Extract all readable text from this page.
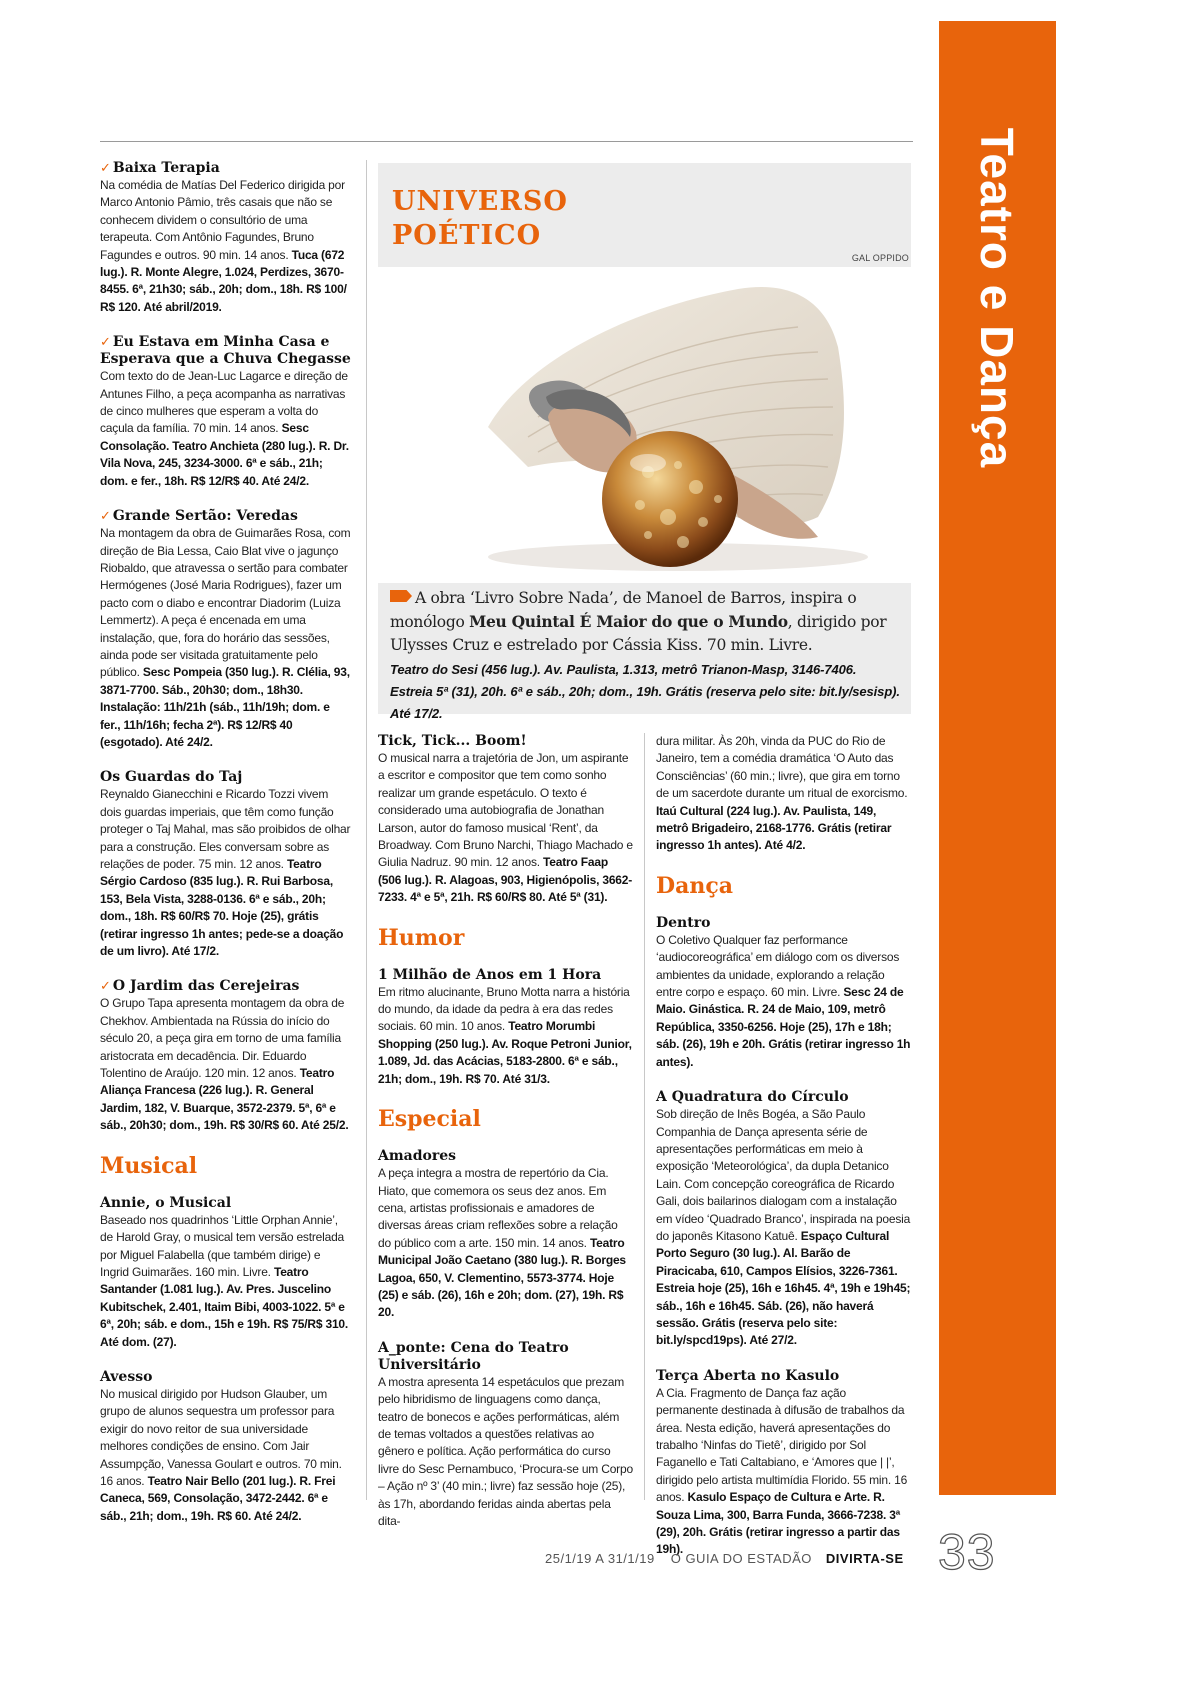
Teatro e Dança
✓ Baixa Terapia
Na comédia de Matías Del Federico dirigida por Marco Antonio Pâmio, três casais que não se conhecem dividem o consultório de uma terapeuta. Com Antônio Fagundes, Bruno Fagundes e outros. 90 min. 14 anos. Tuca (672 lug.). R. Monte Alegre, 1.024, Perdizes, 3670-8455. 6ª, 21h30; sáb., 20h; dom., 18h. R$ 100/ R$ 120. Até abril/2019.
✓ Eu Estava em Minha Casa e Esperava que a Chuva Chegasse
Com texto do de Jean-Luc Lagarce e direção de Antunes Filho, a peça acompanha as narrativas de cinco mulheres que esperam a volta do caçula da família. 70 min. 14 anos. Sesc Consolação. Teatro Anchieta (280 lug.). R. Dr. Vila Nova, 245, 3234-3000. 6ª e sáb., 21h; dom. e fer., 18h. R$ 12/R$ 40. Até 24/2.
✓ Grande Sertão: Veredas
Na montagem da obra de Guimarães Rosa, com direção de Bia Lessa, Caio Blat vive o jagunço Riobaldo, que atravessa o sertão para combater Hermógenes (José Maria Rodrigues), fazer um pacto com o diabo e encontrar Diadorim (Luiza Lemmertz). A peça é encenada em uma instalação, que, fora do horário das sessões, ainda pode ser visitada gratuitamente pelo público. Sesc Pompeia (350 lug.). R. Clélia, 93, 3871-7700. Sáb., 20h30; dom., 18h30. Instalação: 11h/21h (sáb., 11h/19h; dom. e fer., 11h/16h; fecha 2ª). R$ 12/R$ 40 (esgotado). Até 24/2.
Os Guardas do Taj
Reynaldo Gianecchini e Ricardo Tozzi vivem dois guardas imperiais, que têm como função proteger o Taj Mahal, mas são proibidos de olhar para a construção. Eles conversam sobre as relações de poder. 75 min. 12 anos. Teatro Sérgio Cardoso (835 lug.). R. Rui Barbosa, 153, Bela Vista, 3288-0136. 6ª e sáb., 20h; dom., 18h. R$ 60/R$ 70. Hoje (25), grátis (retirar ingresso 1h antes; pede-se a doação de um livro). Até 17/2.
✓ O Jardim das Cerejeiras
O Grupo Tapa apresenta montagem da obra de Chekhov. Ambientada na Rússia do início do século 20, a peça gira em torno de uma família aristocrata em decadência. Dir. Eduardo Tolentino de Araújo. 120 min. 12 anos. Teatro Aliança Francesa (226 lug.). R. General Jardim, 182, V. Buarque, 3572-2379. 5ª, 6ª e sáb., 20h30; dom., 19h. R$ 30/R$ 60. Até 25/2.
Musical
Annie, o Musical
Baseado nos quadrinhos ‘Little Orphan Annie’, de Harold Gray, o musical tem versão estrelada por Miguel Falabella (que também dirige) e Ingrid Guimarães. 160 min. Livre. Teatro Santander (1.081 lug.). Av. Pres. Juscelino Kubitschek, 2.401, Itaim Bibi, 4003-1022. 5ª e 6ª, 20h; sáb. e dom., 15h e 19h. R$ 75/R$ 310. Até dom. (27).
Avesso
No musical dirigido por Hudson Glauber, um grupo de alunos sequestra um professor para exigir do novo reitor de sua universidade melhores condições de ensino. Com Jair Assumpção, Vanessa Goulart e outros. 70 min. 16 anos. Teatro Nair Bello (201 lug.). R. Frei Caneca, 569, Consolação, 3472-2442. 6ª e sáb., 21h; dom., 19h. R$ 60. Até 24/2.
UNIVERSO
POÉTICO
GAL OPPIDO
A obra ‘Livro Sobre Nada’, de Manoel de Barros, inspira o monólogo Meu Quintal É Maior do que o Mundo, dirigido por Ulysses Cruz e estrelado por Cássia Kiss. 70 min. Livre.
Teatro do Sesi (456 lug.). Av. Paulista, 1.313, metrô Trianon-Masp, 3146-7406. Estreia 5ª (31), 20h. 6ª e sáb., 20h; dom., 19h. Grátis (reserva pelo site: bit.ly/sesisp). Até 17/2.
Tick, Tick... Boom!
O musical narra a trajetória de Jon, um aspirante a escritor e compositor que tem como sonho realizar um grande espetáculo. O texto é considerado uma autobiografia de Jonathan Larson, autor do famoso musical ‘Rent’, da Broadway. Com Bruno Narchi, Thiago Machado e Giulia Nadruz. 90 min. 12 anos. Teatro Faap (506 lug.). R. Alagoas, 903, Higienópolis, 3662-7233. 4ª e 5ª, 21h. R$ 60/R$ 80. Até 5ª (31).
Humor
1 Milhão de Anos em 1 Hora
Em ritmo alucinante, Bruno Motta narra a história do mundo, da idade da pedra à era das redes sociais. 60 min. 10 anos. Teatro Morumbi Shopping (250 lug.). Av. Roque Petroni Junior, 1.089, Jd. das Acácias, 5183-2800. 6ª e sáb., 21h; dom., 19h. R$ 70. Até 31/3.
Especial
Amadores
A peça integra a mostra de repertório da Cia. Hiato, que comemora os seus dez anos. Em cena, artistas profissionais e amadores de diversas áreas criam reflexões sobre a relação do público com a arte. 150 min. 14 anos. Teatro Municipal João Caetano (380 lug.). R. Borges Lagoa, 650, V. Clementino, 5573-3774. Hoje (25) e sáb. (26), 16h e 20h; dom. (27), 19h. R$ 20.
A_ponte: Cena do Teatro Universitário
A mostra apresenta 14 espetáculos que prezam pelo hibridismo de linguagens como dança, teatro de bonecos e ações performáticas, além de temas voltados a questões relativas ao gênero e política. Ação performática do curso livre do Sesc Pernambuco, ‘Procura-se um Corpo – Ação nº 3’ (40 min.; livre) faz sessão hoje (25), às 17h, abordando feridas ainda abertas pela dita-
dura militar. Às 20h, vinda da PUC do Rio de Janeiro, tem a comédia dramática ‘O Auto das Consciências’ (60 min.; livre), que gira em torno de um sacerdote durante um ritual de exorcismo. Itaú Cultural (224 lug.). Av. Paulista, 149, metrô Brigadeiro, 2168-1776. Grátis (retirar ingresso 1h antes). Até 4/2.
Dança
Dentro
O Coletivo Qualquer faz performance ‘audiocoreográfica’ em diálogo com os diversos ambientes da unidade, explorando a relação entre corpo e espaço. 60 min. Livre. Sesc 24 de Maio. Ginástica. R. 24 de Maio, 109, metrô República, 3350-6256. Hoje (25), 17h e 18h; sáb. (26), 19h e 20h. Grátis (retirar ingresso 1h antes).
A Quadratura do Círculo
Sob direção de Inês Bogéa, a São Paulo Companhia de Dança apresenta série de apresentações performáticas em meio à exposição ‘Meteorológica’, da dupla Detanico Lain. Com concepção coreográfica de Ricardo Gali, dois bailarinos dialogam com a instalação em vídeo ‘Quadrado Branco’, inspirada na poesia do japonês Kitasono Katuê. Espaço Cultural Porto Seguro (30 lug.). Al. Barão de Piracicaba, 610, Campos Elísios, 3226-7361. Estreia hoje (25), 16h e 16h45. 4ª, 19h e 19h45; sáb., 16h e 16h45. Sáb. (26), não haverá sessão. Grátis (reserva pelo site: bit.ly/spcd19ps). Até 27/2.
Terça Aberta no Kasulo
A Cia. Fragmento de Dança faz ação permanente destinada à difusão de trabalhos da área. Nesta edição, haverá apresentações do trabalho ‘Ninfas do Tietê’, dirigido por Sol Faganello e Tati Caltabiano, e ‘Amores que | |’, dirigido pelo artista multimídia Florido. 55 min. 16 anos. Kasulo Espaço de Cultura e Arte. R. Souza Lima, 300, Barra Funda, 3666-7238. 3ª (29), 20h. Grátis (retirar ingresso a partir das 19h).
25/1/19 A 31/1/19 O GUIA DO ESTADÃO DIVIRTA-SE 33
